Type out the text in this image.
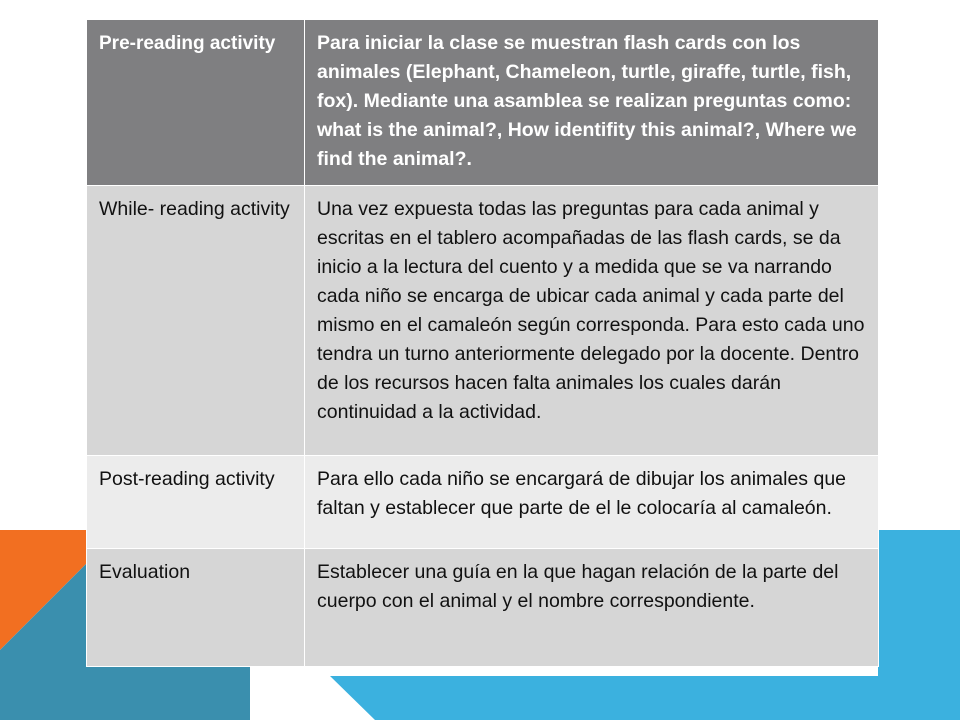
Pre-reading activity	Para iniciar la clase se muestran flash cards con los animales (Elephant, Chameleon, turtle, giraffe, turtle, fish, fox). Mediante una asamblea se realizan preguntas como: what is the animal?, How identifity this animal?, Where we find the animal?.
While- reading activity	Una vez expuesta todas las preguntas para cada animal y escritas en el tablero acompañadas de las flash cards, se da inicio a la lectura del cuento y a medida que se va narrando cada niño se encarga de ubicar cada animal y cada parte del mismo en el camaleón según corresponda. Para esto cada uno tendra un turno anteriormente delegado por la docente. Dentro de los recursos hacen falta animales los cuales darán continuidad a la actividad.
Post-reading activity	Para ello cada niño se encargará de dibujar los animales que faltan y establecer que parte de el le colocaría al camaleón.
Evaluation	Establecer una guía en la que hagan relación de la parte del cuerpo con el animal y el nombre correspondiente.
